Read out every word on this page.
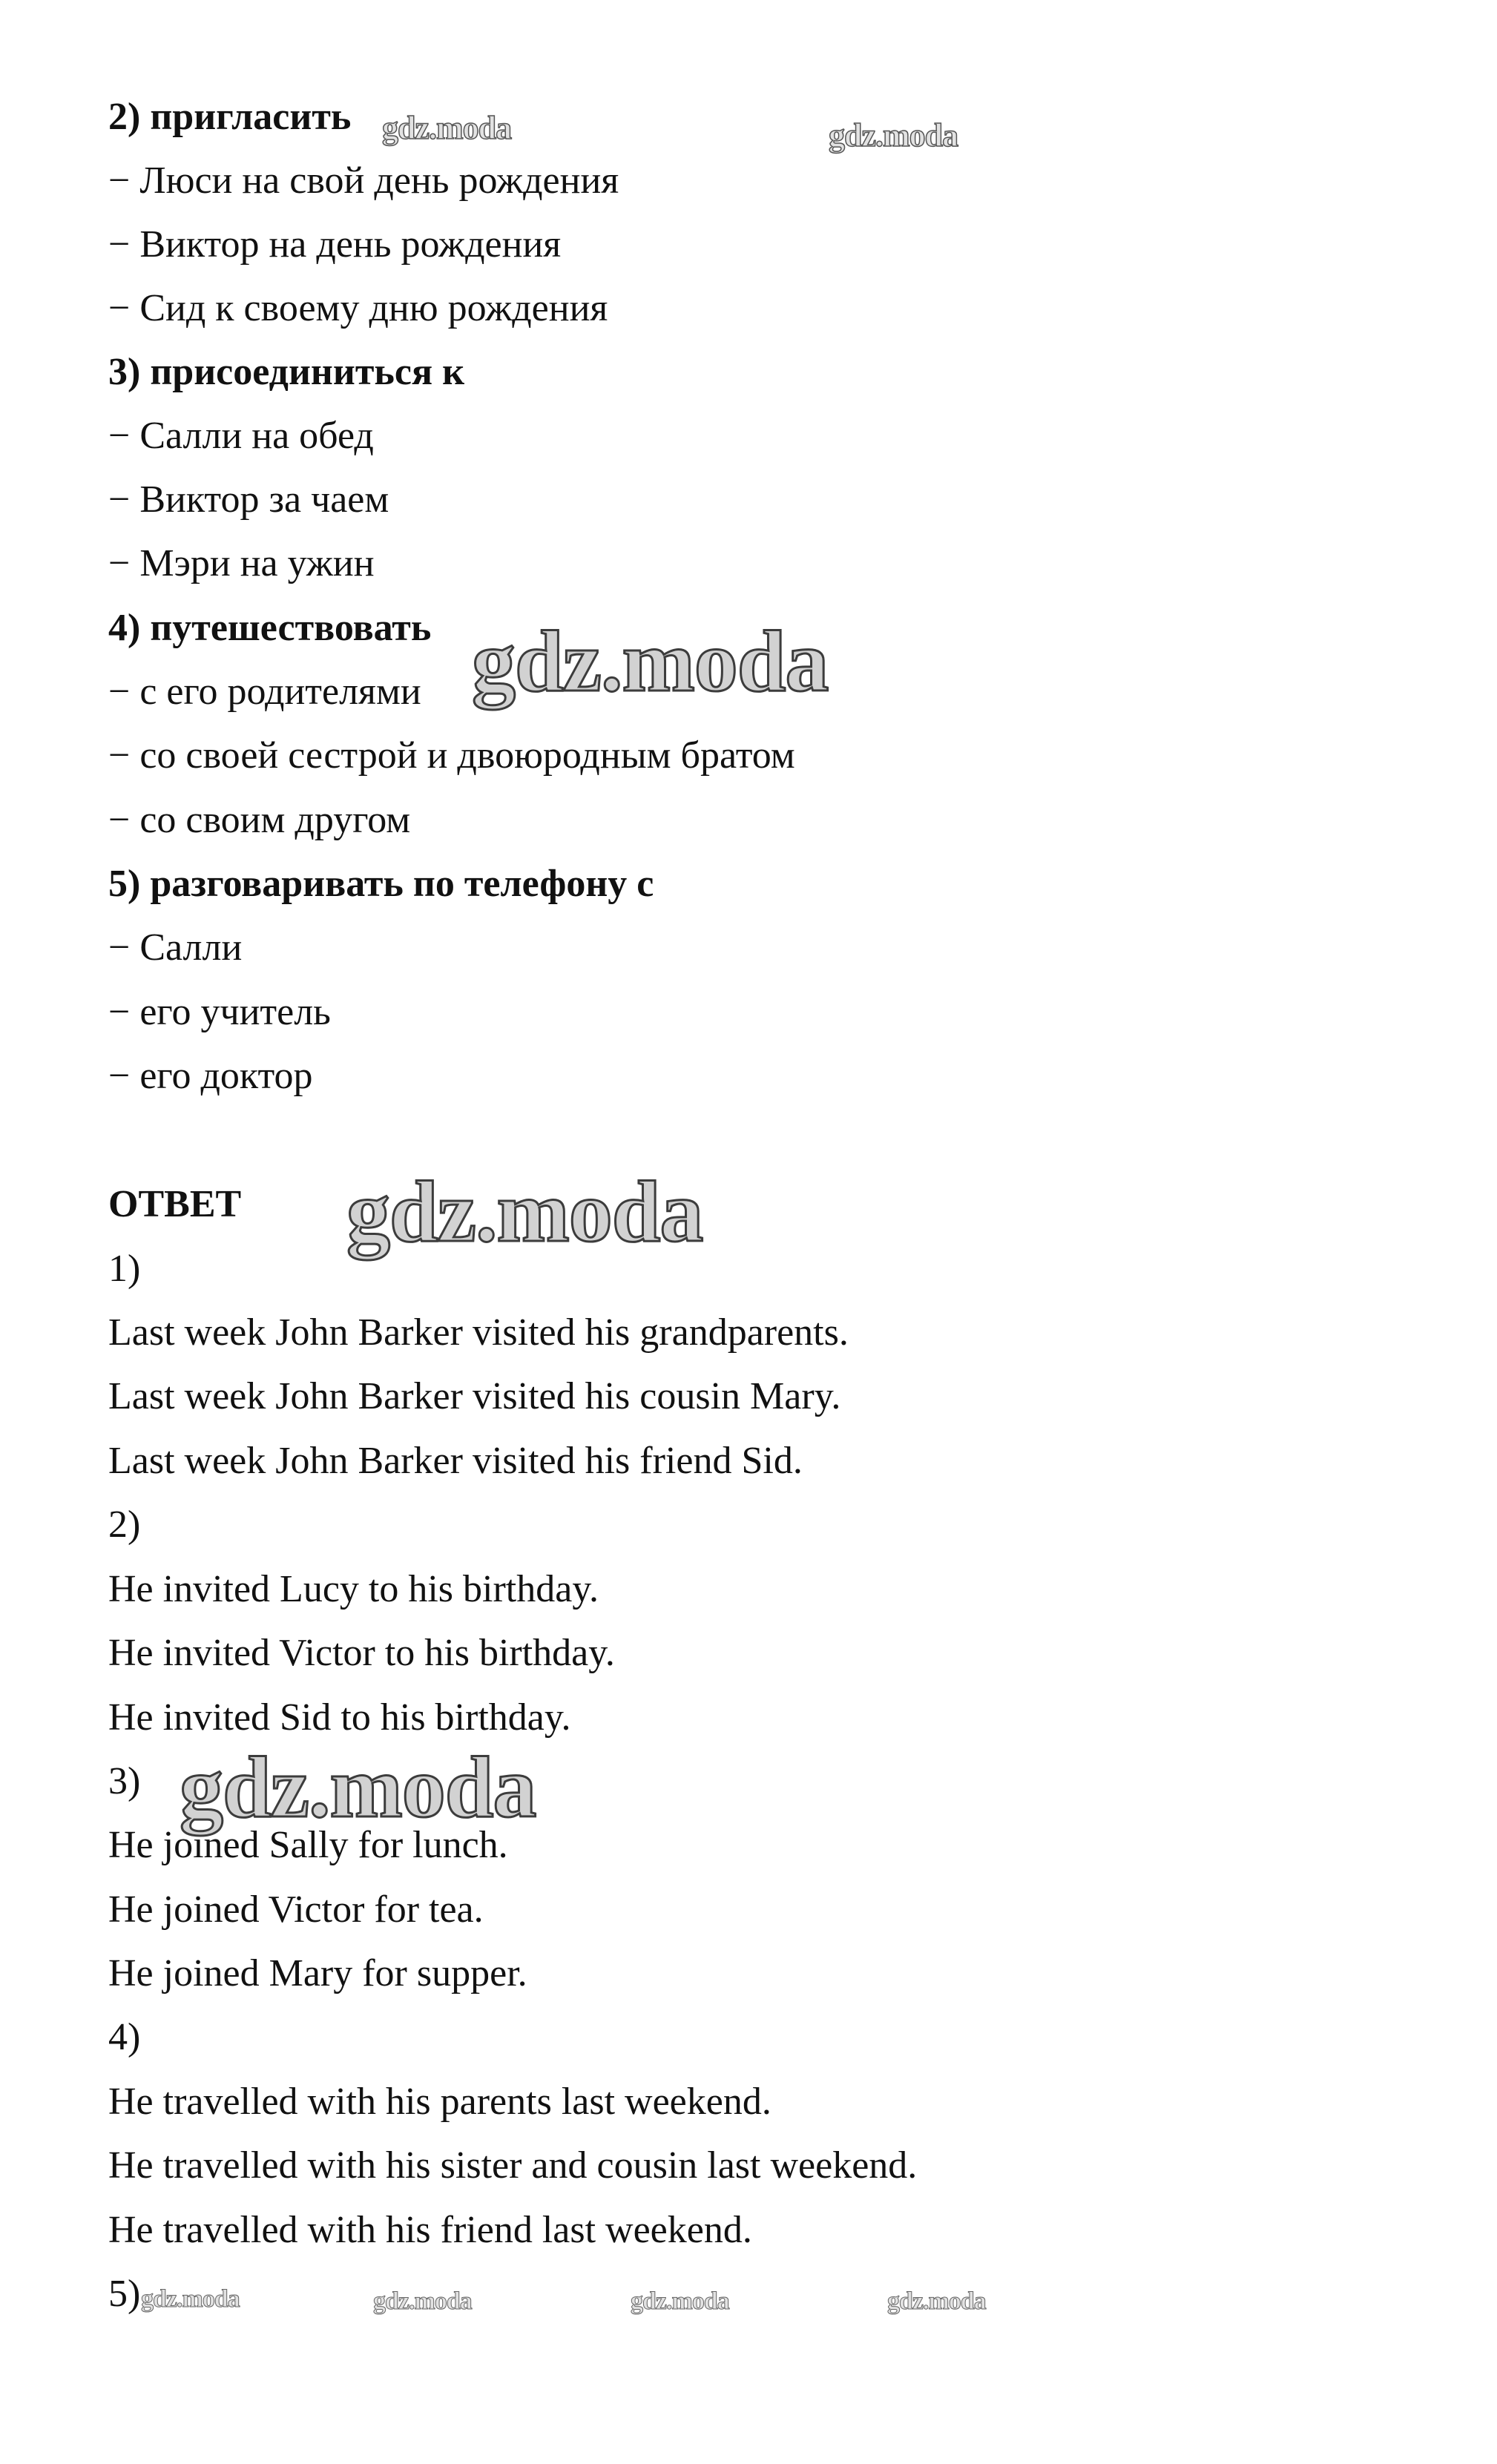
2) пригласить
− Люси на свой день рождения
− Виктор на день рождения
− Сид к своему дню рождения
3) присоединиться к
− Салли на обед
− Виктор за чаем
− Мэри на ужин
4) путешествовать
− с его родителями
− со своей сестрой и двоюродным братом
− со своим другом
5) разговаривать по телефону с
− Салли
− его учитель
− его доктор
ОТВЕТ
1)
Last week John Barker visited his grandparents.
Last week John Barker visited his cousin Mary.
Last week John Barker visited his friend Sid.
2)
He invited Lucy to his birthday.
He invited Victor to his birthday.
He invited Sid to his birthday.
3)
He joined Sally for lunch.
He joined Victor for tea.
He joined Mary for supper.
4)
He travelled with his parents last weekend.
He travelled with his sister and cousin last weekend.
He travelled with his friend last weekend.
5)
gdz.moda	gdz.moda
gdz.moda
gdz.moda
gdz.moda
gdz.moda	gdz.moda	gdz.moda	gdz.moda
